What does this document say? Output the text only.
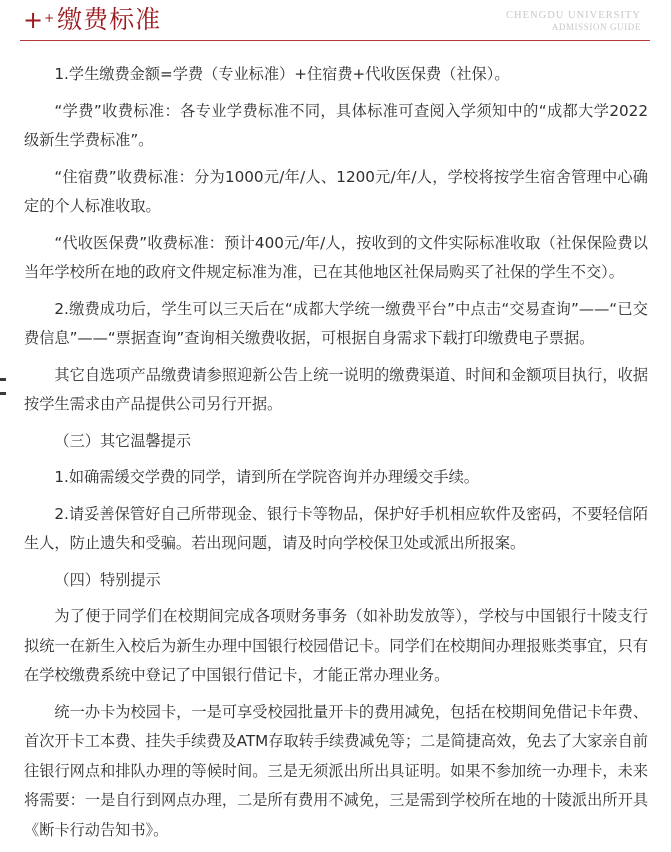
++缴费标准	CHENGDU UNIVERSITY
ADMISSION GUIDE

1.学生缴费金额=学费（专业标准）+住宿费+代收医保费（社保）。

“学费”收费标准：各专业学费标准不同，具体标准可查阅入学须知中的“成都大学2022级新生学费标准”。

“住宿费”收费标准：分为1000元/年/人、1200元/年/人，学校将按学生宿舍管理中心确定的个人标准收取。

“代收医保费”收费标准：预计400元/年/人，按收到的文件实际标准收取（社保保险费以当年学校所在地的政府文件规定标准为准，已在其他地区社保局购买了社保的学生不交）。

2.缴费成功后，学生可以三天后在“成都大学统一缴费平台”中点击“交易查询”——“已交费信息”——“票据查询”查询相关缴费收据，可根据自身需求下载打印缴费电子票据。

其它自选项产品缴费请参照迎新公告上统一说明的缴费渠道、时间和金额项目执行，收据按学生需求由产品提供公司另行开据。

（三）其它温馨提示

1.如确需缓交学费的同学，请到所在学院咨询并办理缓交手续。

2.请妥善保管好自己所带现金、银行卡等物品，保护好手机相应软件及密码，不要轻信陌生人，防止遗失和受骗。若出现问题，请及时向学校保卫处或派出所报案。

（四）特别提示

为了便于同学们在校期间完成各项财务事务（如补助发放等），学校与中国银行十陵支行拟统一在新生入校后为新生办理中国银行校园借记卡。同学们在校期间办理报账类事宜，只有在学校缴费系统中登记了中国银行借记卡，才能正常办理业务。

统一办卡为校园卡，一是可享受校园批量开卡的费用减免，包括在校期间免借记卡年费、首次开卡工本费、挂失手续费及ATM存取转手续费减免等；二是简捷高效，免去了大家亲自前往银行网点和排队办理的等候时间。三是无须派出所出具证明。如果不参加统一办理卡，未来将需要：一是自行到网点办理，二是所有费用不减免，三是需到学校所在地的十陵派出所开具《断卡行动告知书》。
